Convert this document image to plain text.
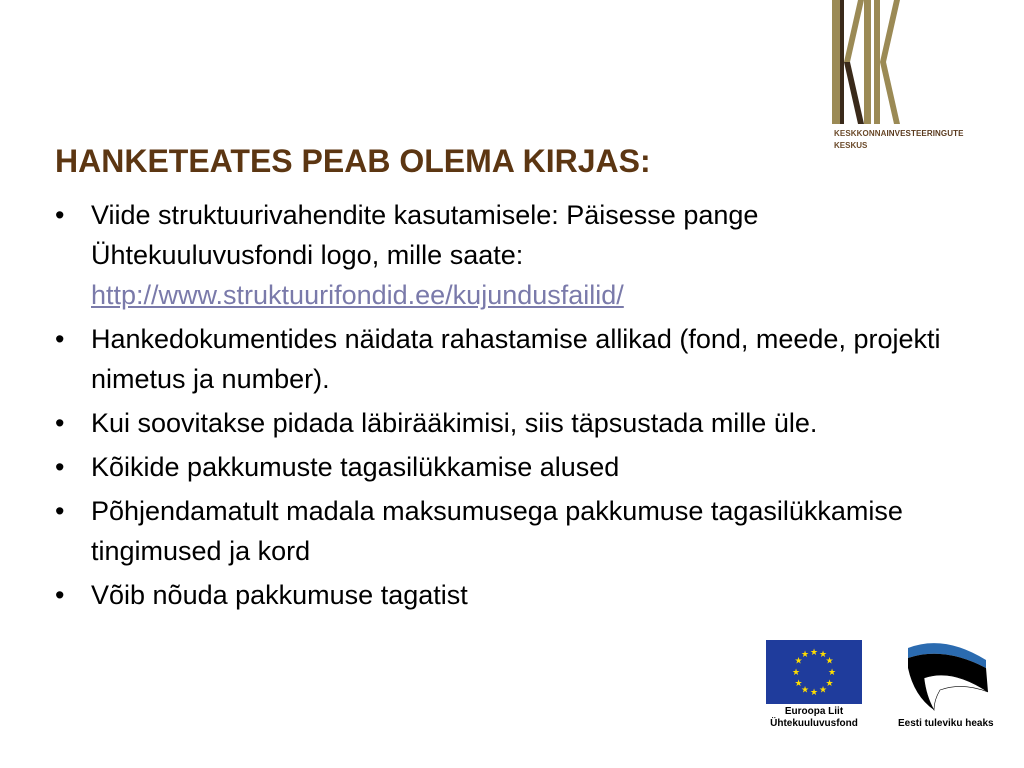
KESKKONNAINVESTEERINGUTE
KESKUS
HANKETEATES PEAB OLEMA KIRJAS:
• Viide struktuurivahendite kasutamisele: Päisesse pange Ühtekuuluvusfondi logo, mille saate:
http://www.struktuurifondid.ee/kujundusfailid/
• Hankedokumentides näidata rahastamise allikad (fond, meede, projekti nimetus ja number).
• Kui soovitakse pidada läbirääkimisi, siis täpsustada mille üle.
• Kõikide pakkumuste tagasilükkamise alused
• Põhjendamatult madala maksumusega pakkumuse tagasilükkamise tingimused ja kord
• Võib nõuda pakkumuse tagatist
★ ★
★
★
★
★
★
★
★
★
★
★
Euroopa Liit
Ühtekuuluvusfond	Eesti tuleviku heaks
